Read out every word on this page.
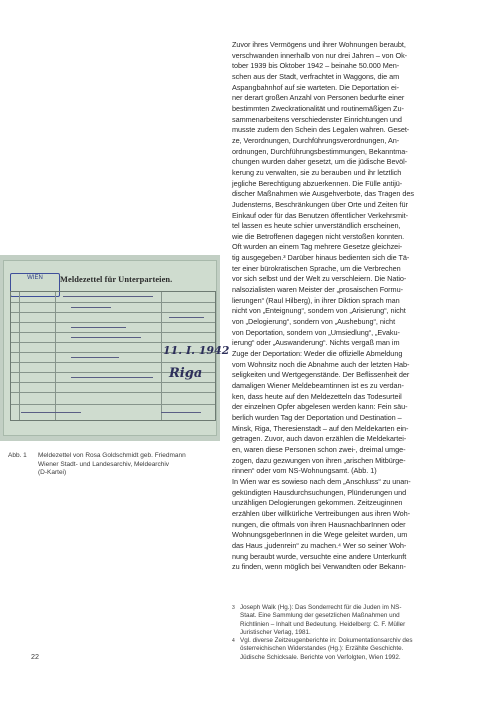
Zuvor ihres Vermögens und ihrer Wohnungen beraubt,
verschwanden innerhalb von nur drei Jahren – von Ok-
tober 1939 bis Oktober 1942 – beinahe 50.000 Men-
schen aus der Stadt, verfrachtet in Waggons, die am
Aspangbahnhof auf sie warteten. Die Deportation ei-
ner derart großen Anzahl von Personen bedurfte einer
bestimmten Zweckrationalität und routinemäßigen Zu-
sammenarbeitens verschiedenster Einrichtungen und
musste zudem den Schein des Legalen wahren. Geset-
ze, Verordnungen, Durchführungsverordnungen, An-
ordnungen, Durchführungsbestimmungen, Bekanntma-
chungen wurden daher gesetzt, um die jüdische Bevöl-
kerung zu verwalten, sie zu berauben und ihr letztlich
jegliche Berechtigung abzuerkennen. Die Fülle antijü-
discher Maßnahmen wie Ausgehverbote, das Tragen des
Judensterns, Beschränkungen über Orte und Zeiten für
Einkauf oder für das Benutzen öffentlicher Verkehrsmit-
tel lassen es heute schier unverständlich erscheinen,
wie die Betroffenen dagegen nicht verstoßen konnten.
Oft wurden an einem Tag mehrere Gesetze gleichzei-
tig ausgegeben.³ Darüber hinaus bedienten sich die Tä-
ter einer bürokratischen Sprache, um die Verbrechen
vor sich selbst und der Welt zu verschleiern. Die Natio-
nalsozialisten waren Meister der „prosaischen Formu-
lierungen“ (Raul Hilberg), in ihrer Diktion sprach man
nicht von „Enteignung“, sondern von „Arisierung“, nicht
von „Delogierung“, sondern von „Aushebung“, nicht
von Deportation, sondern von „Umsiedlung“, „Evaku-
ierung“ oder „Auswanderung“. Nichts vergaß man im
Zuge der Deportation: Weder die offizielle Abmeldung
vom Wohnsitz noch die Abnahme auch der letzten Hab-
seligkeiten und Wertgegenstände. Der Beflissenheit der
damaligen Wiener Meldebeamtinnen ist es zu verdan-
ken, dass heute auf den Meldezetteln das Todesurteil
der einzelnen Opfer abgelesen werden kann: Fein säu-
berlich wurden Tag der Deportation und Destination –
Minsk, Riga, Theresienstadt – auf den Meldekarten ein-
getragen. Zuvor, auch davon erzählen die Meldekartei-
en, waren diese Personen schon zwei-, dreimal umge-
zogen, dazu gezwungen von ihren „arischen Mitbürge-
rinnen“ oder vom NS-Wohnungsamt. (Abb. 1)
In Wien war es sowieso nach dem „Anschluss“ zu unan-
gekündigten Hausdurchsuchungen, Plünderungen und
unzähligen Delogierungen gekommen. Zeitzeuginnen
erzählen über willkürliche Vertreibungen aus ihren Woh-
nungen, die oftmals von ihren HausnachbarInnen oder
WohnungsgeberInnen in die Wege geleitet wurden, um
das Haus „judenrein“ zu machen.⁴ Wer so seiner Woh-
nung beraubt wurde, versuchte eine andere Unterkunft
zu finden, wenn möglich bei Verwandten oder Bekann-
WIEN	Meldezettel für Unterparteien.
11. I. 1942
Riga
Abb. 1 Meldezettel von Rosa Goldschmidt geb. Friedmann
Wiener Stadt- und Landesarchiv, Meldearchiv
(D-Kartei)
3 Joseph Walk (Hg.): Das Sonderrecht für die Juden im NS-
Staat. Eine Sammlung der gesetzlichen Maßnahmen und
Richtlinien – Inhalt und Bedeutung. Heidelberg: C. F. Müller
Juristischer Verlag, 1981.
4 Vgl. diverse Zeitzeugenberichte in: Dokumentationsarchiv des
österreichischen Widerstandes (Hg.): Erzählte Geschichte.
Jüdische Schicksale. Berichte von Verfolgten, Wien 1992.
22
